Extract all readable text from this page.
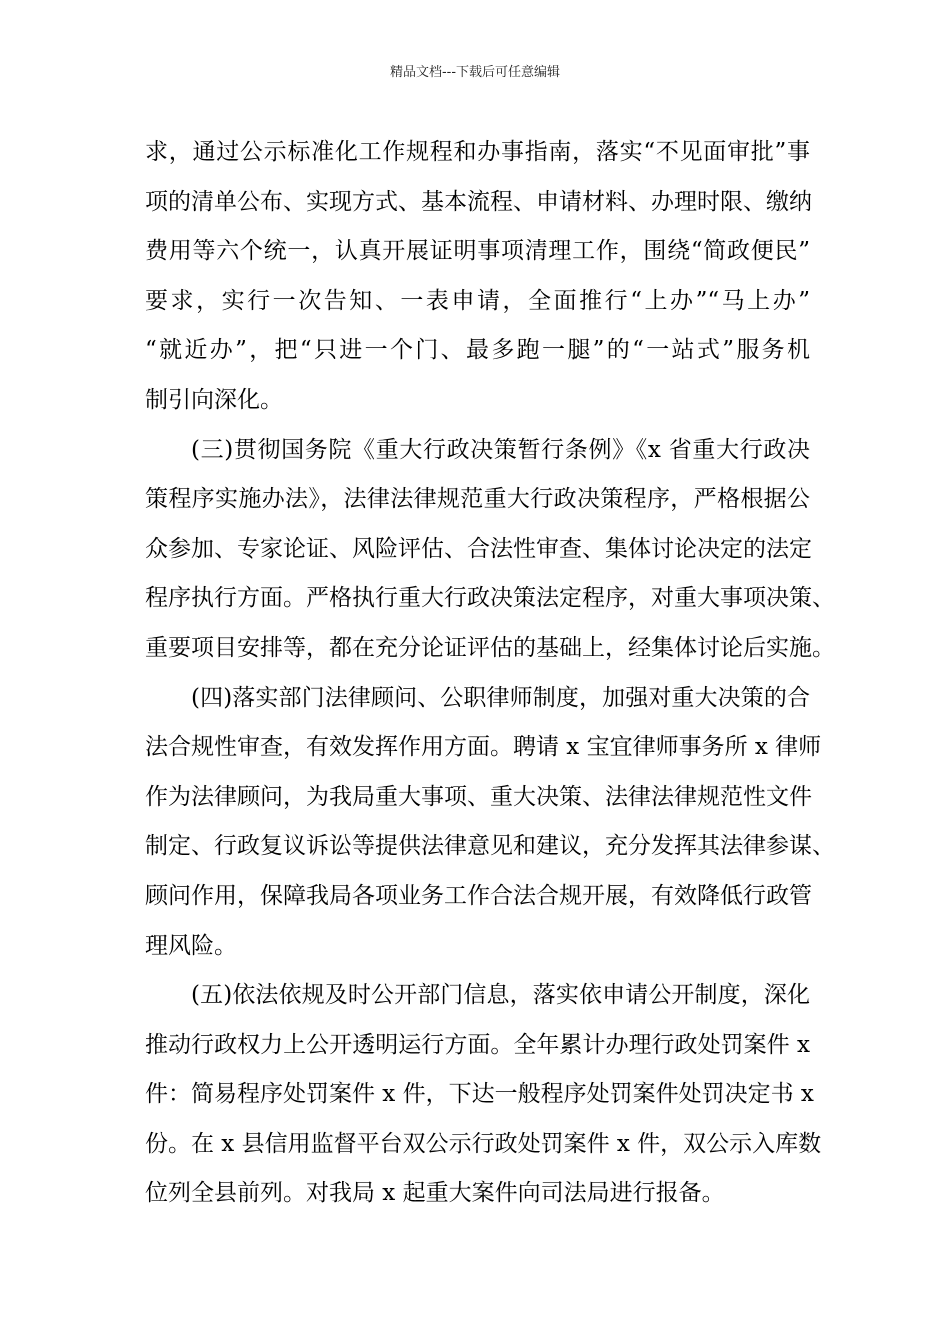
精品文档---下载后可任意编辑
求，通过公示标准化工作规程和办事指南，落实“不见面审批”事
项的清单公布、实现方式、基本流程、申请材料、办理时限、缴纳
费用等六个统一，认真开展证明事项清理工作，围绕“简政便民”
要求，实行一次告知、一表申请，全面推行“上办”“马上办”
“就近办”，把“只进一个门、最多跑一腿”的“一站式”服务机
制引向深化。
(三)贯彻国务院《重大行政决策暂行条例》《x 省重大行政决
策程序实施办法》，法律法律规范重大行政决策程序，严格根据公
众参加、专家论证、风险评估、合法性审查、集体讨论决定的法定
程序执行方面。严格执行重大行政决策法定程序，对重大事项决策、
重要项目安排等，都在充分论证评估的基础上，经集体讨论后实施。
(四)落实部门法律顾问、公职律师制度，加强对重大决策的合
法合规性审查，有效发挥作用方面。聘请 x 宝宜律师事务所 x 律师
作为法律顾问，为我局重大事项、重大决策、法律法律规范性文件
制定、行政复议诉讼等提供法律意见和建议，充分发挥其法律参谋、
顾问作用，保障我局各项业务工作合法合规开展，有效降低行政管
理风险。
(五)依法依规及时公开部门信息，落实依申请公开制度，深化
推动行政权力上公开透明运行方面。全年累计办理行政处罚案件 x
件：简易程序处罚案件 x 件，下达一般程序处罚案件处罚决定书 x
份。在 x 县信用监督平台双公示行政处罚案件 x 件，双公示入库数
位列全县前列。对我局 x 起重大案件向司法局进行报备。
